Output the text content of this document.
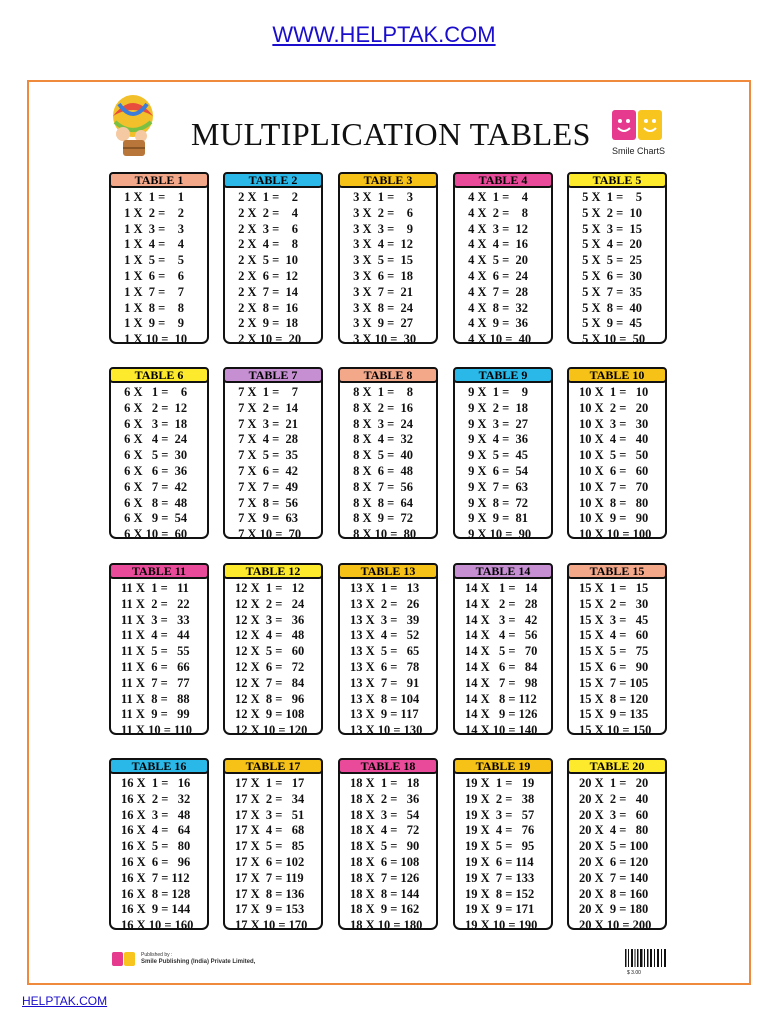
WWW.HELPTAK.COM
MULTIPLICATION TABLES	Smile ChartS
Published by :
Smile Publishing (India) Private Limited,
$ 3.00
TABLE 1
1 X  1 =    1
1 X  2 =    2
1 X  3 =    3
1 X  4 =    4
1 X  5 =    5
1 X  6 =    6
1 X  7 =    7
1 X  8 =    8
1 X  9 =    9
1 X 10 =  10
TABLE 2
2 X  1 =    2
2 X  2 =    4
2 X  3 =    6
2 X  4 =    8
2 X  5 =  10
2 X  6 =  12
2 X  7 =  14
2 X  8 =  16
2 X  9 =  18
2 X 10 =  20
TABLE 3
3 X  1 =    3
3 X  2 =    6
3 X  3 =    9
3 X  4 =  12
3 X  5 =  15
3 X  6 =  18
3 X  7 =  21
3 X  8 =  24
3 X  9 =  27
3 X 10 =  30
TABLE 4
4 X  1 =    4
4 X  2 =    8
4 X  3 =  12
4 X  4 =  16
4 X  5 =  20
4 X  6 =  24
4 X  7 =  28
4 X  8 =  32
4 X  9 =  36
4 X 10 =  40
TABLE 5
5 X  1 =    5
5 X  2 =  10
5 X  3 =  15
5 X  4 =  20
5 X  5 =  25
5 X  6 =  30
5 X  7 =  35
5 X  8 =  40
5 X  9 =  45
5 X 10 =  50
TABLE 6
6 X   1 =    6
6 X   2 =  12
6 X   3 =  18
6 X   4 =  24
6 X   5 =  30
6 X   6 =  36
6 X   7 =  42
6 X   8 =  48
6 X   9 =  54
6 X 10 =  60
TABLE 7
7 X  1 =    7
7 X  2 =  14
7 X  3 =  21
7 X  4 =  28
7 X  5 =  35
7 X  6 =  42
7 X  7 =  49
7 X  8 =  56
7 X  9 =  63
7 X 10 =  70
TABLE 8
8 X  1 =    8
8 X  2 =  16
8 X  3 =  24
8 X  4 =  32
8 X  5 =  40
8 X  6 =  48
8 X  7 =  56
8 X  8 =  64
8 X  9 =  72
8 X 10 =  80
TABLE 9
9 X  1 =    9
9 X  2 =  18
9 X  3 =  27
9 X  4 =  36
9 X  5 =  45
9 X  6 =  54
9 X  7 =  63
9 X  8 =  72
9 X  9 =  81
9 X 10 =  90
TABLE 10
10 X  1 =   10
10 X  2 =   20
10 X  3 =   30
10 X  4 =   40
10 X  5 =   50
10 X  6 =   60
10 X  7 =   70
10 X  8 =   80
10 X  9 =   90
10 X 10 = 100
TABLE 11
11 X  1 =   11
11 X  2 =   22
11 X  3 =   33
11 X  4 =   44
11 X  5 =   55
11 X  6 =   66
11 X  7 =   77
11 X  8 =   88
11 X  9 =   99
11 X 10 = 110
TABLE 12
12 X  1 =   12
12 X  2 =   24
12 X  3 =   36
12 X  4 =   48
12 X  5 =   60
12 X  6 =   72
12 X  7 =   84
12 X  8 =   96
12 X  9 = 108
12 X 10 = 120
TABLE 13
13 X  1 =   13
13 X  2 =   26
13 X  3 =   39
13 X  4 =   52
13 X  5 =   65
13 X  6 =   78
13 X  7 =   91
13 X  8 = 104
13 X  9 = 117
13 X 10 = 130
TABLE 14
14 X   1 =   14
14 X   2 =   28
14 X   3 =   42
14 X   4 =   56
14 X   5 =   70
14 X   6 =   84
14 X   7 =   98
14 X   8 = 112
14 X   9 = 126
14 X 10 = 140
TABLE 15
15 X  1 =   15
15 X  2 =   30
15 X  3 =   45
15 X  4 =   60
15 X  5 =   75
15 X  6 =   90
15 X  7 = 105
15 X  8 = 120
15 X  9 = 135
15 X 10 = 150
TABLE 16
16 X  1 =   16
16 X  2 =   32
16 X  3 =   48
16 X  4 =   64
16 X  5 =   80
16 X  6 =   96
16 X  7 = 112
16 X  8 = 128
16 X  9 = 144
16 X 10 = 160
TABLE 17
17 X  1 =   17
17 X  2 =   34
17 X  3 =   51
17 X  4 =   68
17 X  5 =   85
17 X  6 = 102
17 X  7 = 119
17 X  8 = 136
17 X  9 = 153
17 X 10 = 170
TABLE 18
18 X  1 =   18
18 X  2 =   36
18 X  3 =   54
18 X  4 =   72
18 X  5 =   90
18 X  6 = 108
18 X  7 = 126
18 X  8 = 144
18 X  9 = 162
18 X 10 = 180
TABLE 19
19 X  1 =   19
19 X  2 =   38
19 X  3 =   57
19 X  4 =   76
19 X  5 =   95
19 X  6 = 114
19 X  7 = 133
19 X  8 = 152
19 X  9 = 171
19 X 10 = 190
TABLE 20
20 X  1 =   20
20 X  2 =   40
20 X  3 =   60
20 X  4 =   80
20 X  5 = 100
20 X  6 = 120
20 X  7 = 140
20 X  8 = 160
20 X  9 = 180
20 X 10 = 200
HELPTAK.COM
